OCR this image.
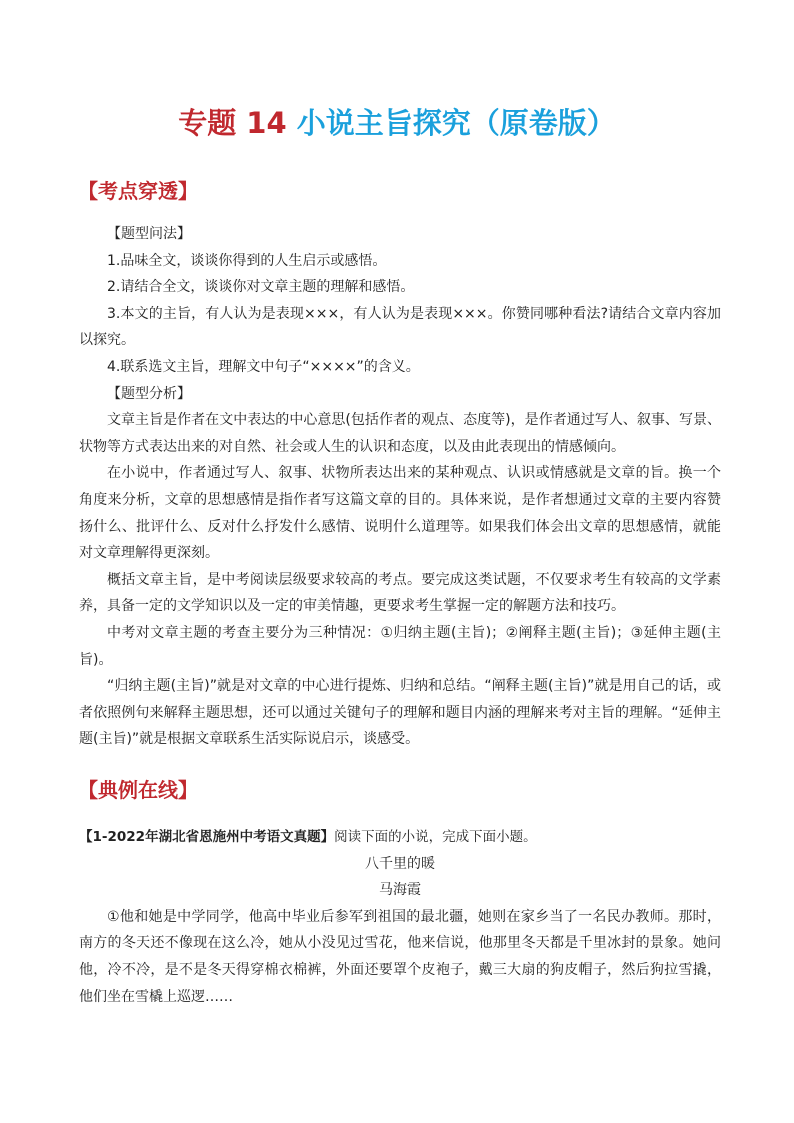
专题 14 小说主旨探究（原卷版）
【考点穿透】

【题型问法】

1.品味全文，谈谈你得到的人生启示或感悟。

2.请结合全文，谈谈你对文章主题的理解和感悟。

3.本文的主旨，有人认为是表现×××，有人认为是表现×××。你赞同哪种看法?请结合文章内容加以探究。

4.联系选文主旨，理解文中句子“××××”的含义。

【题型分析】

文章主旨是作者在文中表达的中心意思(包括作者的观点、态度等)，是作者通过写人、叙事、写景、状物等方式表达出来的对自然、社会或人生的认识和态度，以及由此表现出的情感倾向。

在小说中，作者通过写人、叙事、状物所表达出来的某种观点、认识或情感就是文章的旨。换一个角度来分析，文章的思想感情是指作者写这篇文章的目的。具体来说，是作者想通过文章的主要内容赞扬什么、批评什么、反对什么抒发什么感情、说明什么道理等。如果我们体会出文章的思想感情，就能对文章理解得更深刻。

概括文章主旨，是中考阅读层级要求较高的考点。要完成这类试题，不仅要求考生有较高的文学素养，具备一定的文学知识以及一定的审美情趣，更要求考生掌握一定的解题方法和技巧。

中考对文章主题的考查主要分为三种情况：①归纳主题(主旨)；②阐释主题(主旨)；③延伸主题(主旨)。

“归纳主题(主旨)”就是对文章的中心进行提炼、归纳和总结。“阐释主题(主旨)”就是用自己的话，或者依照例句来解释主题思想，还可以通过关键句子的理解和题目内涵的理解来考对主旨的理解。“延伸主题(主旨)”就是根据文章联系生活实际说启示，谈感受。

【典例在线】

【1-2022年湖北省恩施州中考语文真题】阅读下面的小说，完成下面小题。

八千里的暖

马海霞

①他和她是中学同学，他高中毕业后参军到祖国的最北疆，她则在家乡当了一名民办教师。那时，南方的冬天还不像现在这么冷，她从小没见过雪花，他来信说，他那里冬天都是千里冰封的景象。她问他，冷不冷，是不是冬天得穿棉衣棉裤，外面还要罩个皮袍子，戴三大扇的狗皮帽子，然后狗拉雪撬，他们坐在雪橇上巡逻……
